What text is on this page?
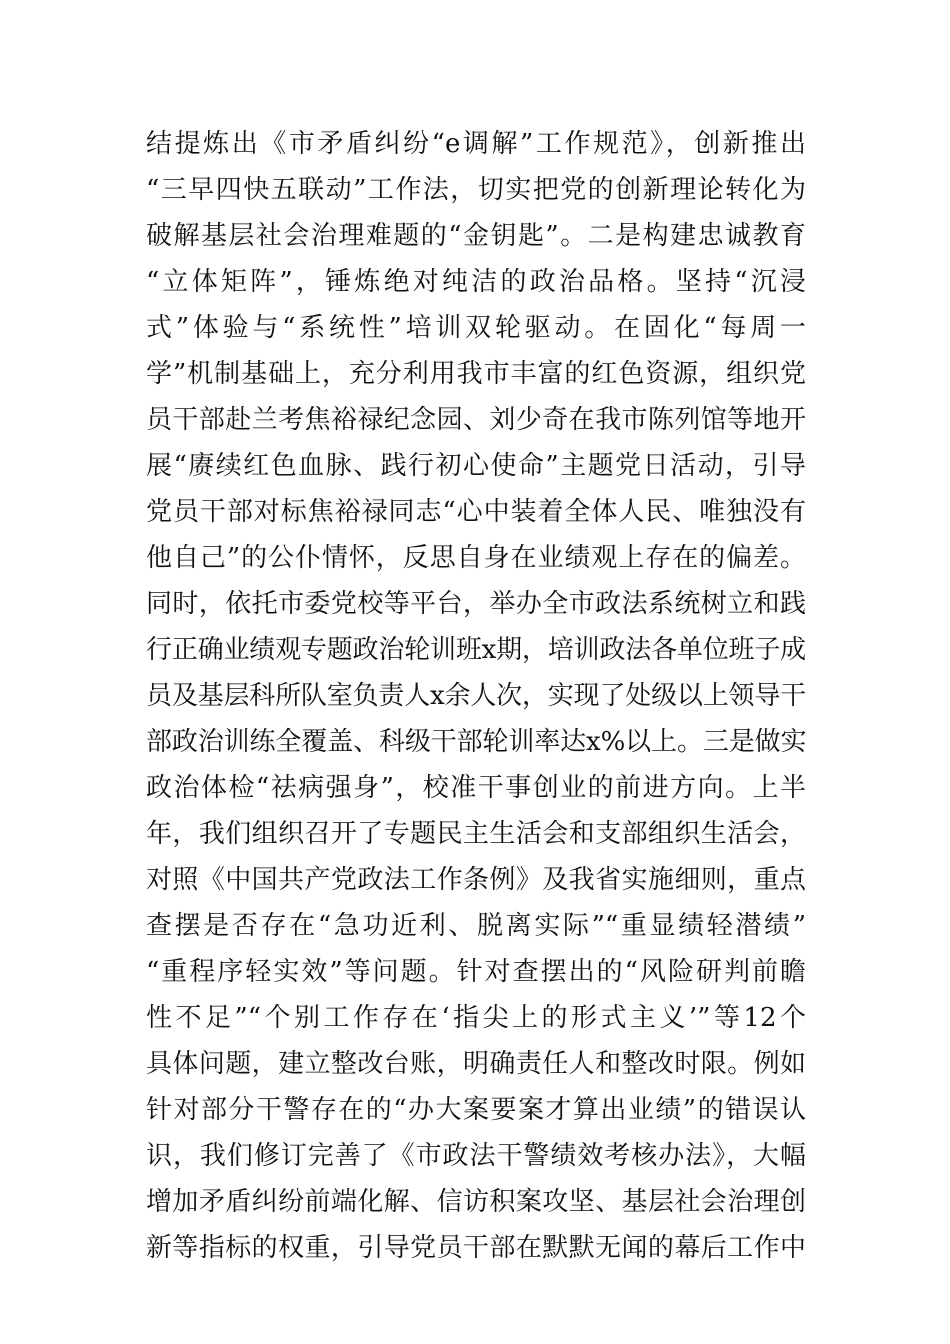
结提炼出《市矛盾纠纷“e调解”工作规范》，创新推出
“三早四快五联动”工作法，切实把党的创新理论转化为
破解基层社会治理难题的“金钥匙”。二是构建忠诚教育
“立体矩阵”，锤炼绝对纯洁的政治品格。坚持“沉浸
式”体验与“系统性”培训双轮驱动。在固化“每周一
学”机制基础上，充分利用我市丰富的红色资源，组织党
员干部赴兰考焦裕禄纪念园、刘少奇在我市陈列馆等地开
展“赓续红色血脉、践行初心使命”主题党日活动，引导
党员干部对标焦裕禄同志“心中装着全体人民、唯独没有
他自己”的公仆情怀，反思自身在业绩观上存在的偏差。
同时，依托市委党校等平台，举办全市政法系统树立和践
行正确业绩观专题政治轮训班x期，培训政法各单位班子成
员及基层科所队室负责人x余人次，实现了处级以上领导干
部政治训练全覆盖、科级干部轮训率达x%以上。三是做实
政治体检“祛病强身”，校准干事创业的前进方向。上半
年，我们组织召开了专题民主生活会和支部组织生活会，
对照《中国共产党政法工作条例》及我省实施细则，重点
查摆是否存在“急功近利、脱离实际”“重显绩轻潜绩”
“重程序轻实效”等问题。针对查摆出的“风险研判前瞻
性不足”“个别工作存在‘指尖上的形式主义’”等12个
具体问题，建立整改台账，明确责任人和整改时限。例如
针对部分干警存在的“办大案要案才算出业绩”的错误认
识，我们修订完善了《市政法干警绩效考核办法》，大幅
增加矛盾纠纷前端化解、信访积案攻坚、基层社会治理创
新等指标的权重，引导党员干部在默默无闻的幕后工作中
